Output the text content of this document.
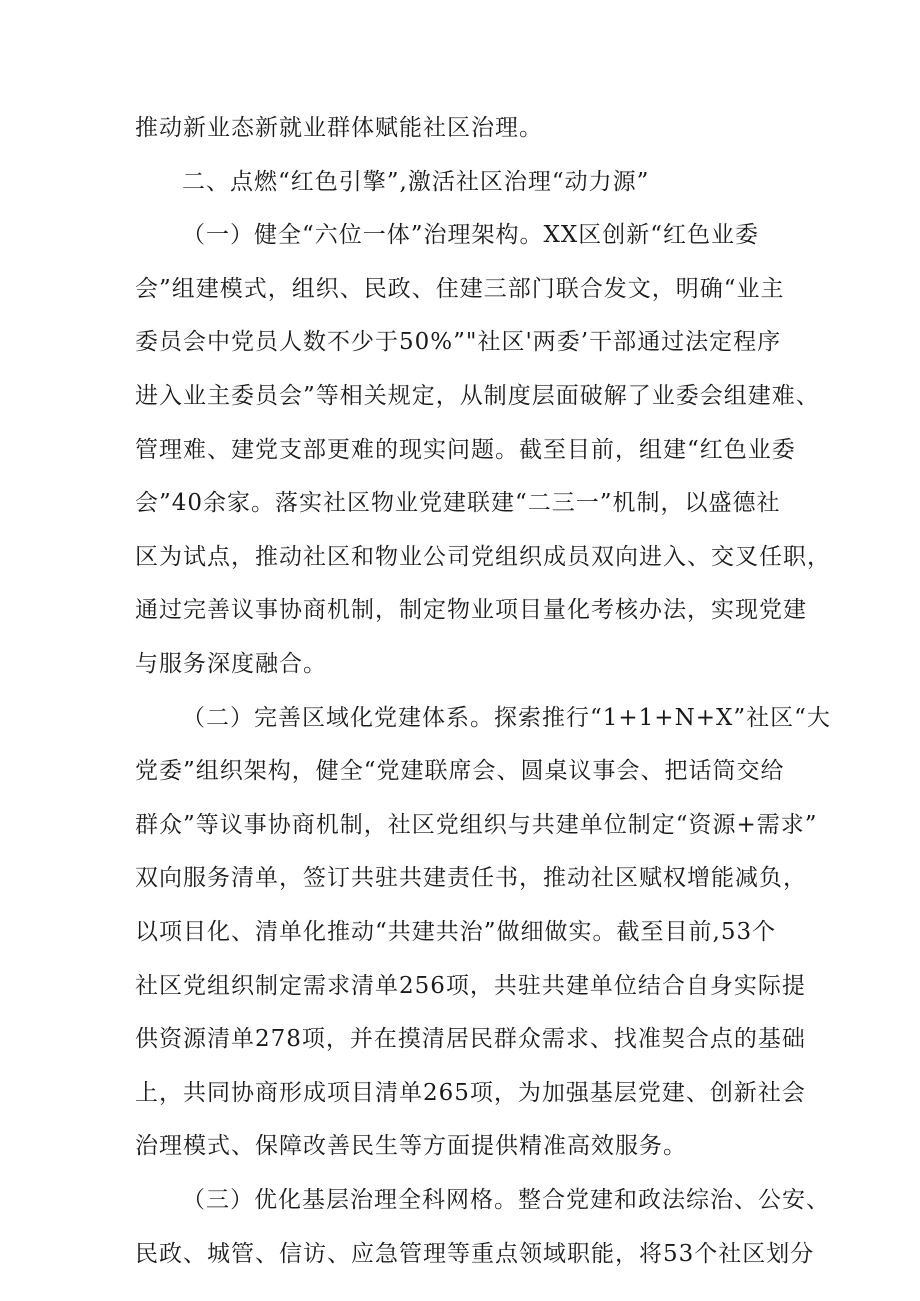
推动新业态新就业群体赋能社区治理。
二、点燃“红色引擎”,激活社区治理“动力源”
（一）健全“六位一体”治理架构。XX区创新“红色业委
会”组建模式，组织、民政、住建三部门联合发文，明确“业主
委员会中党员人数不少于50%”"社区'两委’干部通过法定程序
进入业主委员会”等相关规定，从制度层面破解了业委会组建难、
管理难、建党支部更难的现实问题。截至目前，组建“红色业委
会”40余家。落实社区物业党建联建“二三一”机制，以盛德社
区为试点，推动社区和物业公司党组织成员双向进入、交叉任职，
通过完善议事协商机制，制定物业项目量化考核办法，实现党建
与服务深度融合。
（二）完善区域化党建体系。探索推行“1+1+N+X”社区“大
党委”组织架构，健全“党建联席会、圆桌议事会、把话筒交给
群众”等议事协商机制，社区党组织与共建单位制定“资源+需求”
双向服务清单，签订共驻共建责任书，推动社区赋权增能减负，
以项目化、清单化推动“共建共治”做细做实。截至目前,53个
社区党组织制定需求清单256项，共驻共建单位结合自身实际提
供资源清单278项，并在摸清居民群众需求、找准契合点的基础
上，共同协商形成项目清单265项，为加强基层党建、创新社会
治理模式、保障改善民生等方面提供精准高效服务。
（三）优化基层治理全科网格。整合党建和政法综治、公安、
民政、城管、信访、应急管理等重点领域职能，将53个社区划分
